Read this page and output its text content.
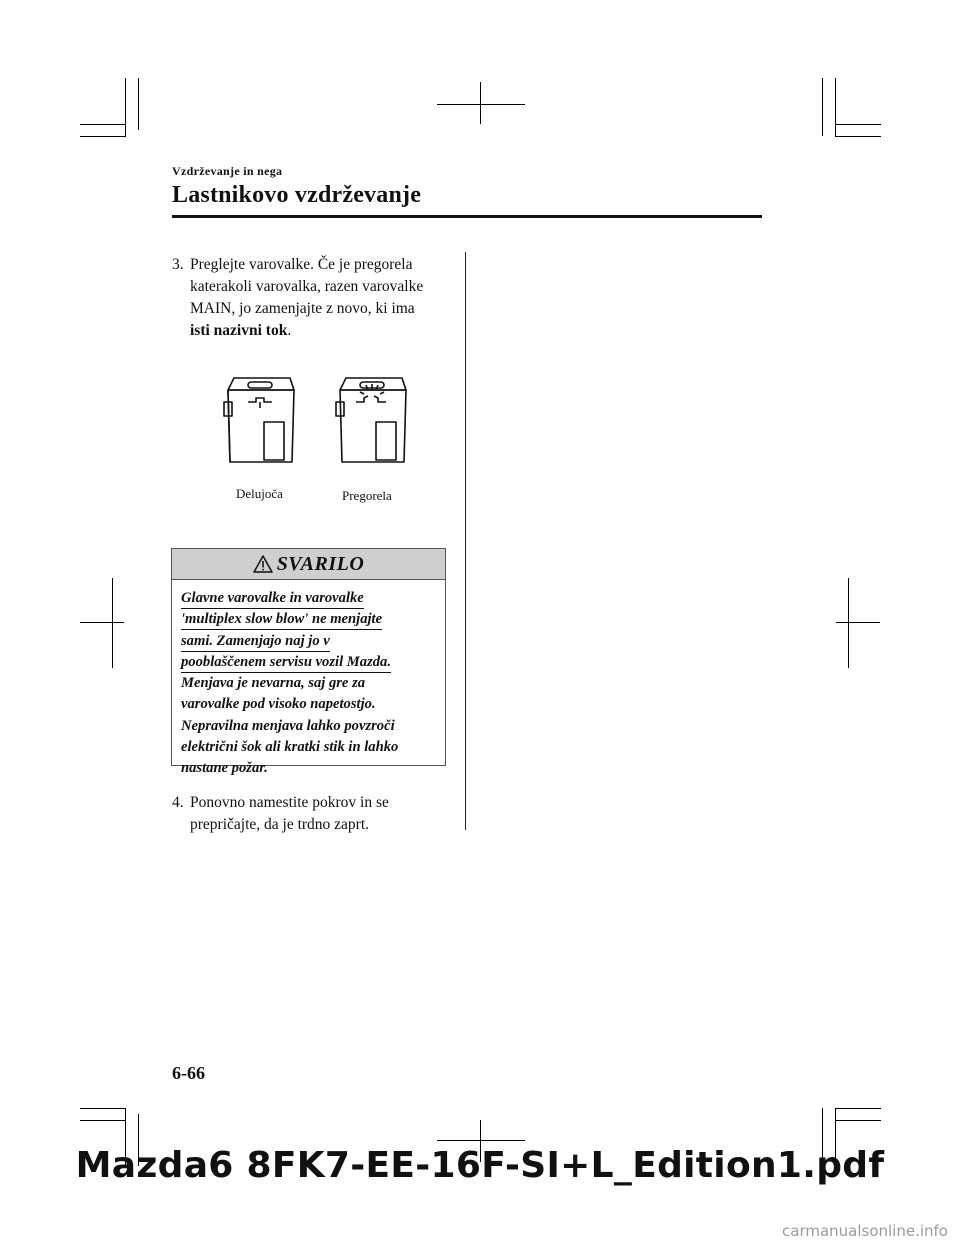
Vzdrževanje in nega
Lastnikovo vzdrževanje
3. Preglejte varovalke. Če je pregorela
katerakoli varovalka, razen varovalke
MAIN, jo zamenjajte z novo, ki ima
isti nazivni tok.
Delujoča	Pregorela
SVARILO
Glavne varovalke in varovalke
'multiplex slow blow' ne menjajte
sami. Zamenjajo naj jo v
pooblaščenem servisu vozil Mazda.
Menjava je nevarna, saj gre za
varovalke pod visoko napetostjo.
Nepravilna menjava lahko povzroči
električni šok ali kratki stik in lahko
nastane požar.
4. Ponovno namestite pokrov in se
prepričajte, da je trdno zaprt.
6-66
Mazda6 8FK7-EE-16F-SI+L_Edition1.pdf
carmanualsonline.info
